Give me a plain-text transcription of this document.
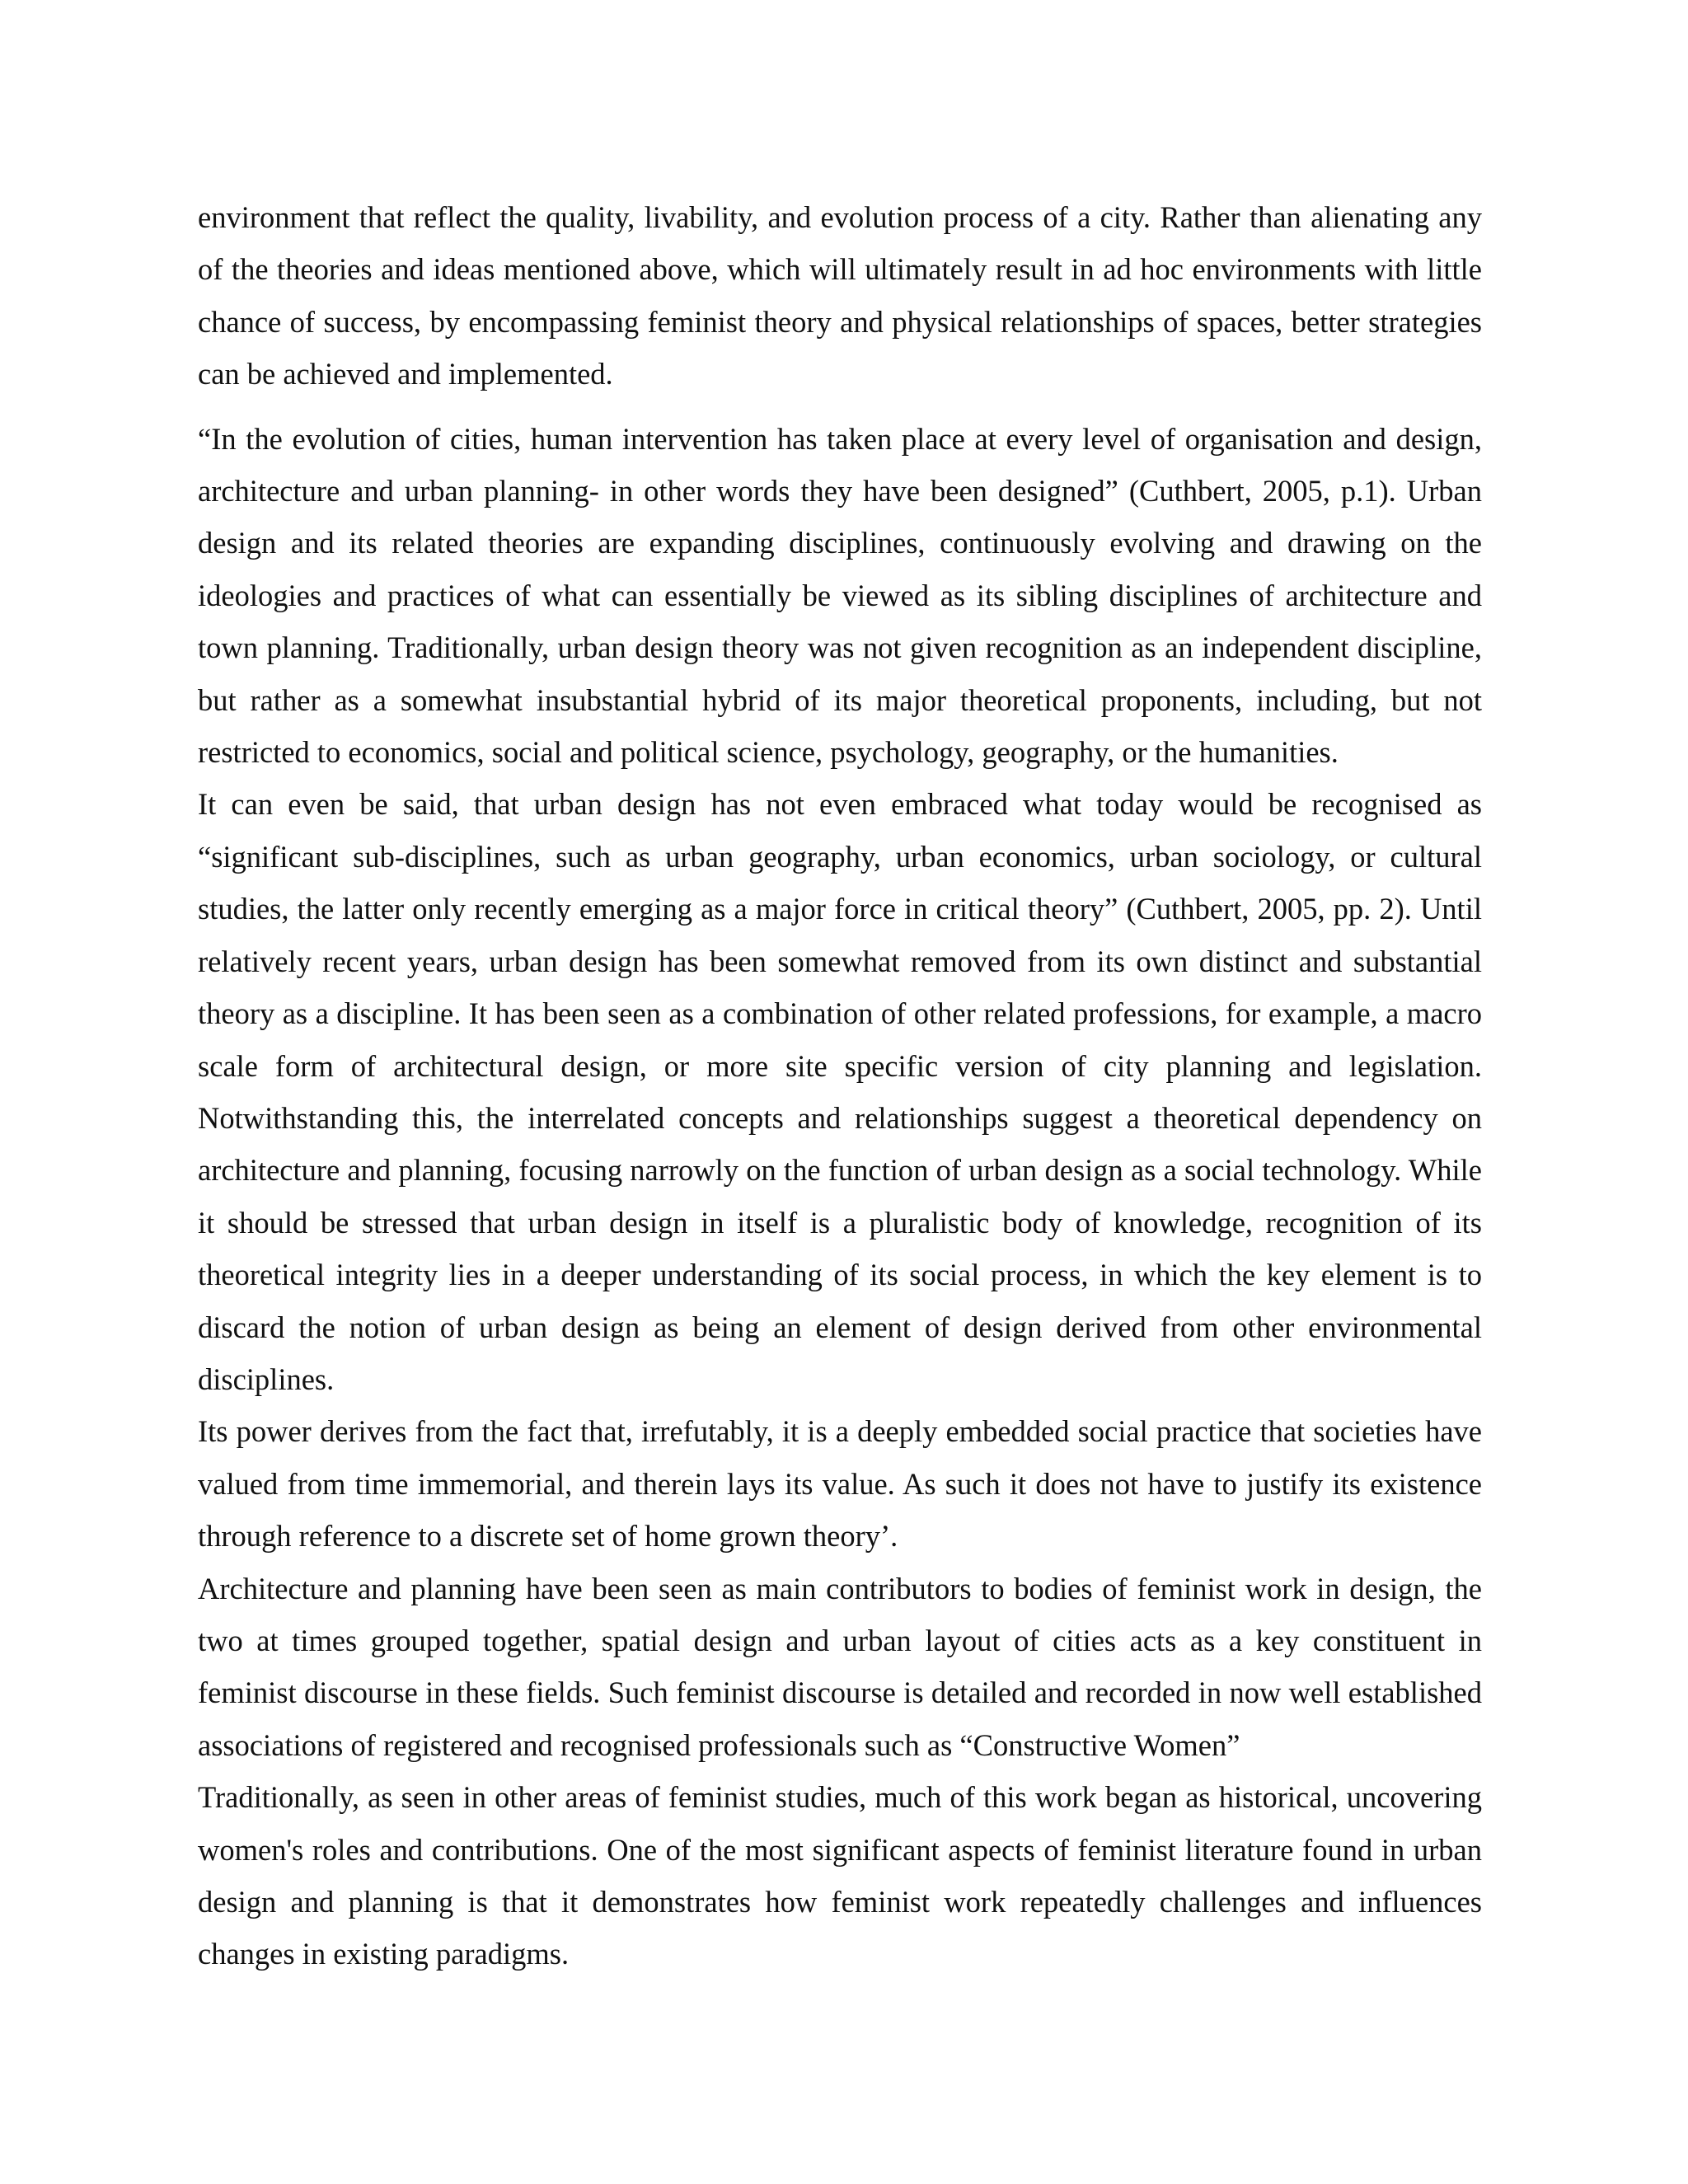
environment that reflect the quality, livability, and evolution process of a city. Rather than alienating any of the theories and ideas mentioned above, which will ultimately result in ad hoc environments with little chance of success, by encompassing feminist theory and physical relationships of spaces, better strategies can be achieved and implemented.

“In the evolution of cities, human intervention has taken place at every level of organisation and design, architecture and urban planning- in other words they have been designed” (Cuthbert, 2005, p.1). Urban design and its related theories are expanding disciplines, continuously evolving and drawing on the ideologies and practices of what can essentially be viewed as its sibling disciplines of architecture and town planning. Traditionally, urban design theory was not given recognition as an independent discipline, but rather as a somewhat insubstantial hybrid of its major theoretical proponents, including, but not restricted to economics, social and political science, psychology, geography, or the humanities.

It can even be said, that urban design has not even embraced what today would be recognised as “significant sub-disciplines, such as urban geography, urban economics, urban sociology, or cultural studies, the latter only recently emerging as a major force in critical theory” (Cuthbert, 2005, pp. 2). Until relatively recent years, urban design has been somewhat removed from its own distinct and substantial theory as a discipline. It has been seen as a combination of other related professions, for example, a macro scale form of architectural design, or more site specific version of city planning and legislation. Notwithstanding this, the interrelated concepts and relationships suggest a theoretical dependency on architecture and planning, focusing narrowly on the function of urban design as a social technology. While it should be stressed that urban design in itself is a pluralistic body of knowledge, recognition of its theoretical integrity lies in a deeper understanding of its social process, in which the key element is to discard the notion of urban design as being an element of design derived from other environmental disciplines.

Its power derives from the fact that, irrefutably, it is a deeply embedded social practice that societies have valued from time immemorial, and therein lays its value. As such it does not have to justify its existence through reference to a discrete set of home grown theory’.

Architecture and planning have been seen as main contributors to bodies of feminist work in design, the two at times grouped together, spatial design and urban layout of cities acts as a key constituent in feminist discourse in these fields. Such feminist discourse is detailed and recorded in now well established associations of registered and recognised professionals such as “Constructive Women”

Traditionally, as seen in other areas of feminist studies, much of this work began as historical, uncovering women's roles and contributions. One of the most significant aspects of feminist literature found in urban design and planning is that it demonstrates how feminist work repeatedly challenges and influences changes in existing paradigms.
